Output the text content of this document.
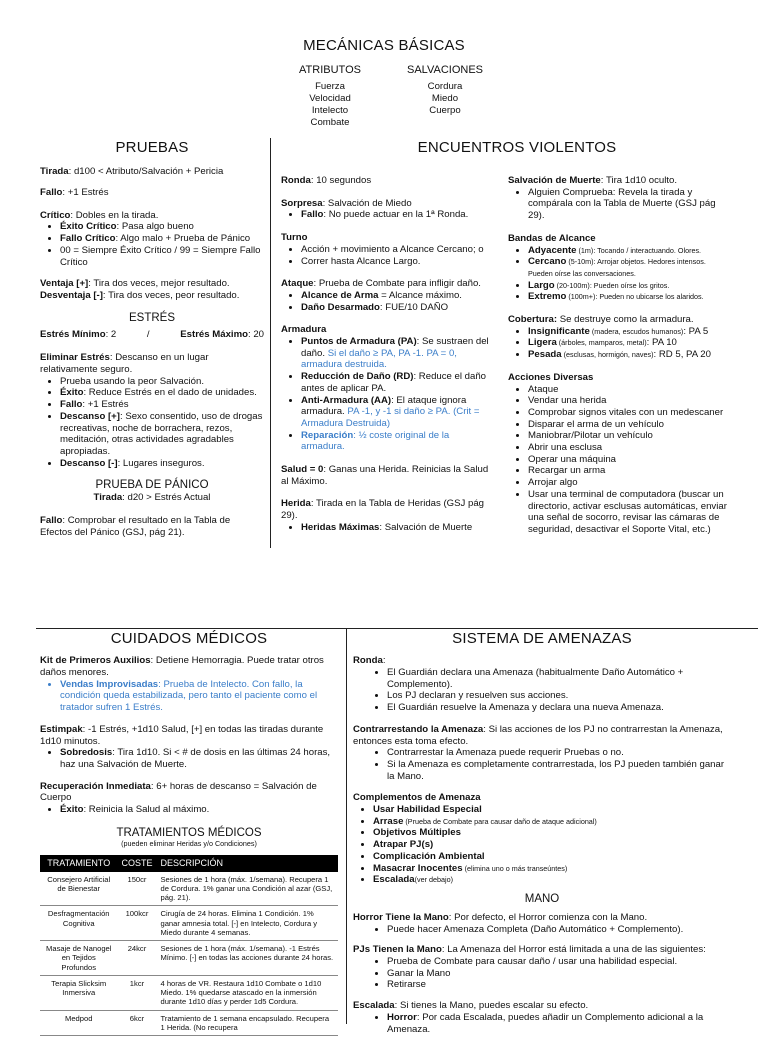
MECÁNICAS BÁSICAS
ATRIBUTOS
Fuerza
Velocidad
Intelecto
Combate
SALVACIONES
Cordura
Miedo
Cuerpo
PRUEBAS

Tirada: d100 < Atributo/Salvación + Pericia

Fallo: +1 Estrés

Crítico: Dobles en la tirada.

• Éxito Crítico: Pasa algo bueno
• Fallo Crítico: Algo malo + Prueba de Pánico
• 00 = Siempre Éxito Crítico / 99 = Siempre Fallo Crítico

Ventaja [+]: Tira dos veces, mejor resultado.

Desventaja [-]: Tira dos veces, peor resultado.

ESTRÉS
Estrés Mínimo: 2	/	Estrés Máximo: 20

Eliminar Estrés: Descanso en un lugar relativamente seguro.

• Prueba usando la peor Salvación.
• Éxito: Reduce Estrés en el dado de unidades.
• Fallo: +1 Estrés
• Descanso [+]: Sexo consentido, uso de drogas recreativas, noche de borrachera, rezos, meditación, otras actividades agradables apropiadas.
• Descanso [-]: Lugares inseguros.
PRUEBA DE PÁNICO
Tirada: d20 > Estrés Actual

Fallo: Comprobar el resultado en la Tabla de Efectos del Pánico (GSJ, pág 21).

ENCUENTROS VIOLENTOS

Ronda: 10 segundos

Sorpresa: Salvación de Miedo

• Fallo: No puede actuar en la 1ª Ronda.

Turno

• Acción + movimiento a Alcance Cercano; o
• Correr hasta Alcance Largo.

Ataque: Prueba de Combate para infligir daño.

• Alcance de Arma = Alcance máximo.
• Daño Desarmado: FUE/10 DAÑO

Armadura

• Puntos de Armadura (PA): Se sustraen del daño. Si el daño ≥ PA, PA -1. PA = 0, armadura destruida.
• Reducción de Daño (RD): Reduce el daño antes de aplicar PA.
• Anti-Armadura (AA): El ataque ignora armadura. PA -1, y -1 si daño ≥ PA. (Crit = Armadura Destruida)
• Reparación: ½ coste original de la armadura.

Salud = 0: Ganas una Herida. Reinicias la Salud al Máximo.

Herida: Tirada en la Tabla de Heridas (GSJ pág 29).

• Heridas Máximas: Salvación de Muerte

Salvación de Muerte: Tira 1d10 oculto.

• Alguien Comprueba: Revela la tirada y compárala con la Tabla de Muerte (GSJ pág 29).

Bandas de Alcance

• Adyacente (1m): Tocando / interactuando. Olores.
• Cercano (5-10m): Arrojar objetos. Hedores intensos. Pueden oírse las conversaciones.
• Largo (20-100m): Pueden oírse los gritos.
• Extremo (100m+): Pueden no ubicarse los alaridos.

Cobertura: Se destruye como la armadura.

• Insignificante (madera, escudos humanos): PA 5
• Ligera (árboles, mamparos, metal): PA 10
• Pesada (esclusas, hormigón, naves): RD 5, PA 20

Acciones Diversas

• Ataque
• Vendar una herida
• Comprobar signos vitales con un medescaner
• Disparar el arma de un vehículo
• Maniobrar/Pilotar un vehículo
• Abrir una esclusa
• Operar una máquina
• Recargar un arma
• Arrojar algo
• Usar una terminal de computadora (buscar un directorio, activar esclusas automáticas, enviar una señal de socorro, revisar las cámaras de seguridad, desactivar el Soporte Vital, etc.)
CUIDADOS MÉDICOS

Kit de Primeros Auxilios: Detiene Hemorragia. Puede tratar otros daños menores.

• Vendas Improvisadas: Prueba de Intelecto. Con fallo, la condición queda estabilizada, pero tanto el paciente como el tratador sufren 1 Estrés.

Estimpak: -1 Estrés, +1d10 Salud, [+] en todas las tiradas durante 1d10 minutos.

• Sobredosis: Tira 1d10. Si < # de dosis en las últimas 24 horas, haz una Salvación de Muerte.

Recuperación Inmediata: 6+ horas de descanso = Salvación de Cuerpo

• Éxito: Reinicia la Salud al máximo.
TRATAMIENTOS MÉDICOS
(pueden eliminar Heridas y/o Condiciones)
TRATAMIENTO	COSTE	DESCRIPCIÓN
Consejero Artificial de Bienestar	150cr	Sesiones de 1 hora (máx. 1/semana). Recupera 1 de Cordura. 1% ganar una Condición al azar (GSJ, pág. 21).
Desfragmentación Cognitiva	100kcr	Cirugía de 24 horas. Elimina 1 Condición. 1% ganar amnesia total. [-] en Intelecto, Cordura y Miedo durante 4 semanas.
Masaje de Nanogel en Tejidos Profundos	24kcr	Sesiones de 1 hora (máx. 1/semana). -1 Estrés Mínimo. [-] en todas las acciones durante 24 horas.
Terapia Slicksim Inmersiva	1kcr	4 horas de VR. Restaura 1d10 Combate o 1d10 Miedo. 1% quedarse atascado en la inmersión durante 1d10 días y perder 1d5 Cordura.
Medpod	6kcr	Tratamiento de 1 semana encapsulado. Recupera 1 Herida. (No recupera
SISTEMA DE AMENAZAS

Ronda:

• El Guardián declara una Amenaza (habitualmente Daño Automático + Complemento).
• Los PJ declaran y resuelven sus acciones.
• El Guardián resuelve la Amenaza y declara una nueva Amenaza.

Contrarrestando la Amenaza: Si las acciones de los PJ no contrarrestan la Amenaza, entonces esta toma efecto.

• Contrarrestar la Amenaza puede requerir Pruebas o no.
• Si la Amenaza es completamente contrarrestada, los PJ pueden también ganar la Mano.

Complementos de Amenaza

• Usar Habilidad Especial
• Arrase (Prueba de Combate para causar daño de ataque adicional)
• Objetivos Múltiples
• Atrapar PJ(s)
• Complicación Ambiental
• Masacrar Inocentes (elimina uno o más transeúntes)
• Escalada(ver debajo)
MANO

Horror Tiene la Mano: Por defecto, el Horror comienza con la Mano.

• Puede hacer Amenaza Completa (Daño Automático + Complemento).

PJs Tienen la Mano: La Amenaza del Horror está limitada a una de las siguientes:

• Prueba de Combate para causar daño / usar una habilidad especial.
• Ganar la Mano
• Retirarse

Escalada: Si tienes la Mano, puedes escalar su efecto.

• Horror: Por cada Escalada, puedes añadir un Complemento adicional a la Amenaza.
